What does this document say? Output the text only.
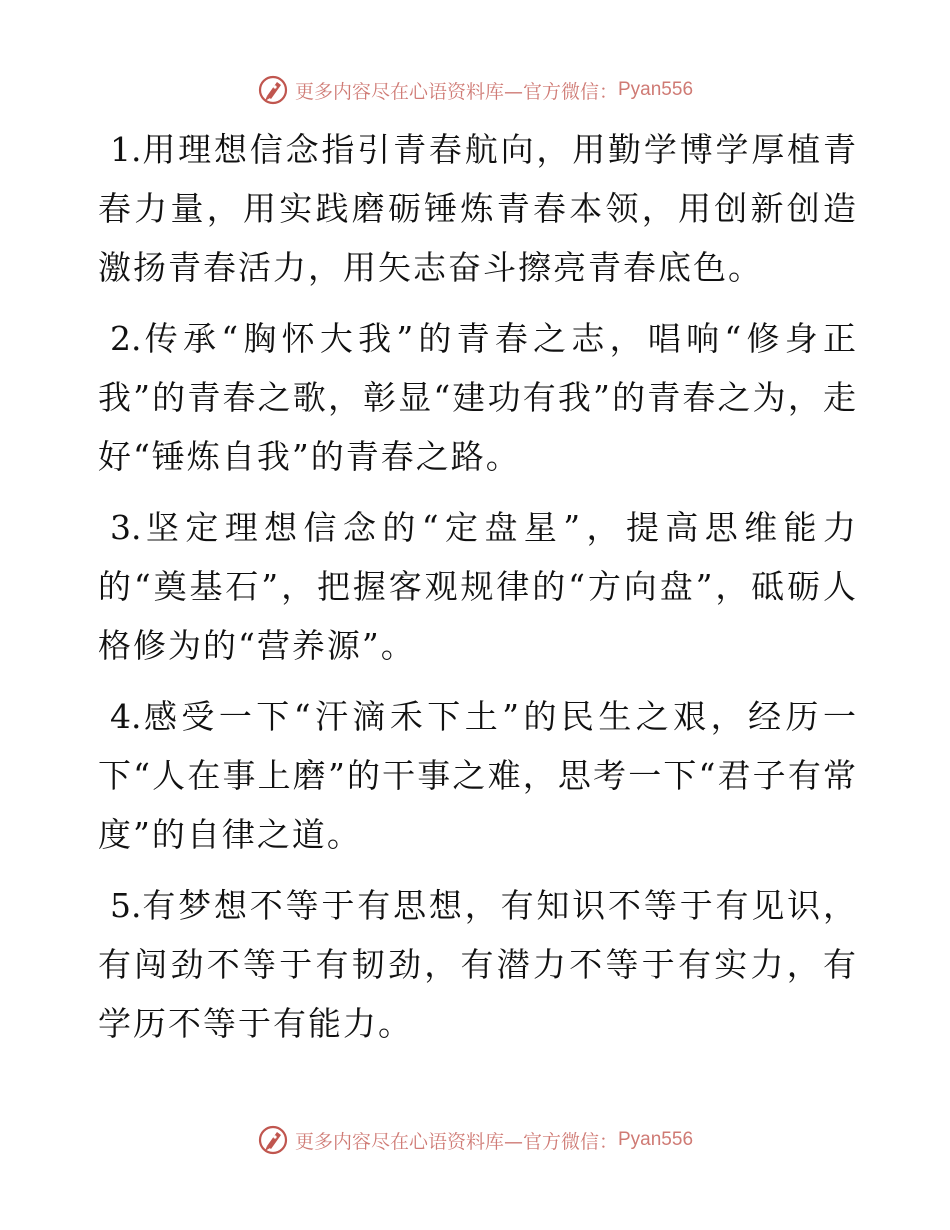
更多内容尽在心语资料库—官方微信： Pyan556

1.用理想信念指引青春航向，用勤学博学厚植青春力量，用实践磨砺锤炼青春本领，用创新创造激扬青春活力，用矢志奋斗擦亮青春底色。

2.传承“胸怀大我”的青春之志，唱响“修身正我”的青春之歌，彰显“建功有我”的青春之为，走好“锤炼自我”的青春之路。

3.坚定理想信念的“定盘星”，提高思维能力的“奠基石”，把握客观规律的“方向盘”，砥砺人格修为的“营养源”。

4.感受一下“汗滴禾下土”的民生之艰，经历一下“人在事上磨”的干事之难，思考一下“君子有常度”的自律之道。

5.有梦想不等于有思想，有知识不等于有见识，有闯劲不等于有韧劲，有潜力不等于有实力，有学历不等于有能力。

更多内容尽在心语资料库—官方微信： Pyan556
